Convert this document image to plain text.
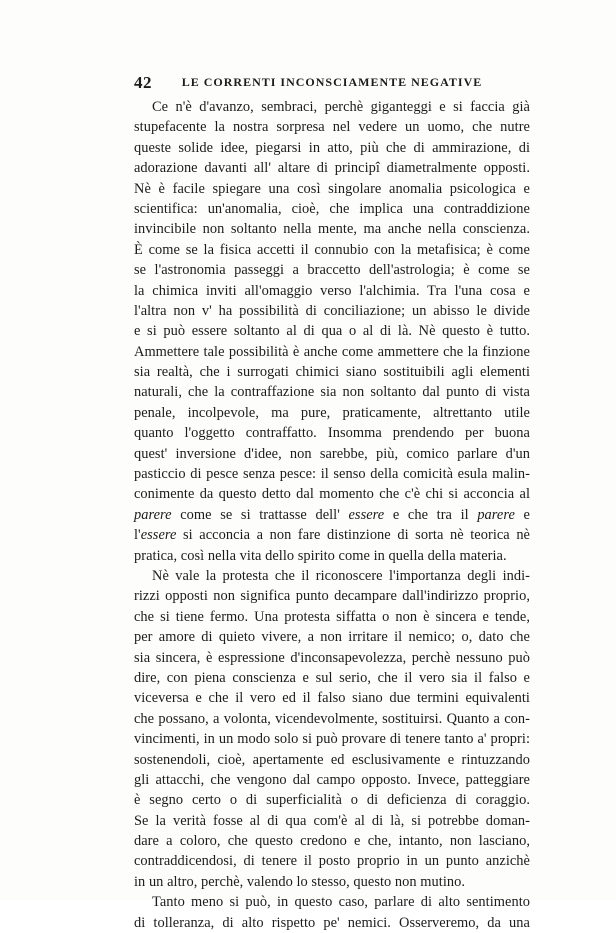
42	LE CORRENTI INCONSCIAMENTE NEGATIVE
Ce n'è d'avanzo, sembraci, perchè giganteggi e si faccia già
stupefacente la nostra sorpresa nel vedere un uomo, che nutre
queste solide idee, piegarsi in atto, più che di ammirazione, di
adorazione davanti all' altare di principî diametralmente opposti.
Nè è facile spiegare una così singolare anomalia psicologica e
scientifica: un'anomalia, cioè, che implica una contraddizione
invincibile non soltanto nella mente, ma anche nella conscienza.
È come se la fisica accetti il connubio con la metafisica; è come
se l'astronomia passeggi a braccetto dell'astrologia; è come se
la chimica inviti all'omaggio verso l'alchimia. Tra l'una cosa e
l'altra non v' ha possibilità di conciliazione; un abisso le divide
e si può essere soltanto al di qua o al di là. Nè questo è tutto.
Ammettere tale possibilità è anche come ammettere che la finzione
sia realtà, che i surrogati chimici siano sostituibili agli elementi
naturali, che la contraffazione sia non soltanto dal punto di vista
penale, incolpevole, ma pure, praticamente, altrettanto utile
quanto l'oggetto contraffatto. Insomma prendendo per buona
quest' inversione d'idee, non sarebbe, più, comico parlare d'un
pasticcio di pesce senza pesce: il senso della comicità esula malin-
conimente da questo detto dal momento che c'è chi si acconcia al
parere come se si trattasse dell' essere e che tra il parere e
l'essere si acconcia a non fare distinzione di sorta nè teorica nè
pratica, così nella vita dello spirito come in quella della materia.
Nè vale la protesta che il riconoscere l'importanza degli indi-
rizzi opposti non significa punto decampare dall'indirizzo proprio,
che si tiene fermo. Una protesta siffatta o non è sincera e tende,
per amore di quieto vivere, a non irritare il nemico; o, dato che
sia sincera, è espressione d'inconsapevolezza, perchè nessuno può
dire, con piena conscienza e sul serio, che il vero sia il falso e
viceversa e che il vero ed il falso siano due termini equivalenti
che possano, a volonta, vicendevolmente, sostituirsi. Quanto a con-
vincimenti, in un modo solo si può provare di tenere tanto a' propri:
sostenendoli, cioè, apertamente ed esclusivamente e rintuzzando
gli attacchi, che vengono dal campo opposto. Invece, patteggiare
è segno certo o di superficialità o di deficienza di coraggio.
Se la verità fosse al di qua com'è al di là, si potrebbe doman-
dare a coloro, che questo credono e che, intanto, non lasciano,
contraddicendosi, di tenere il posto proprio in un punto anzichè
in un altro, perchè, valendo lo stesso, questo non mutino.
Tanto meno si può, in questo caso, parlare di alto sentimento
di tolleranza, di alto rispetto pe' nemici. Osserveremo, da una
